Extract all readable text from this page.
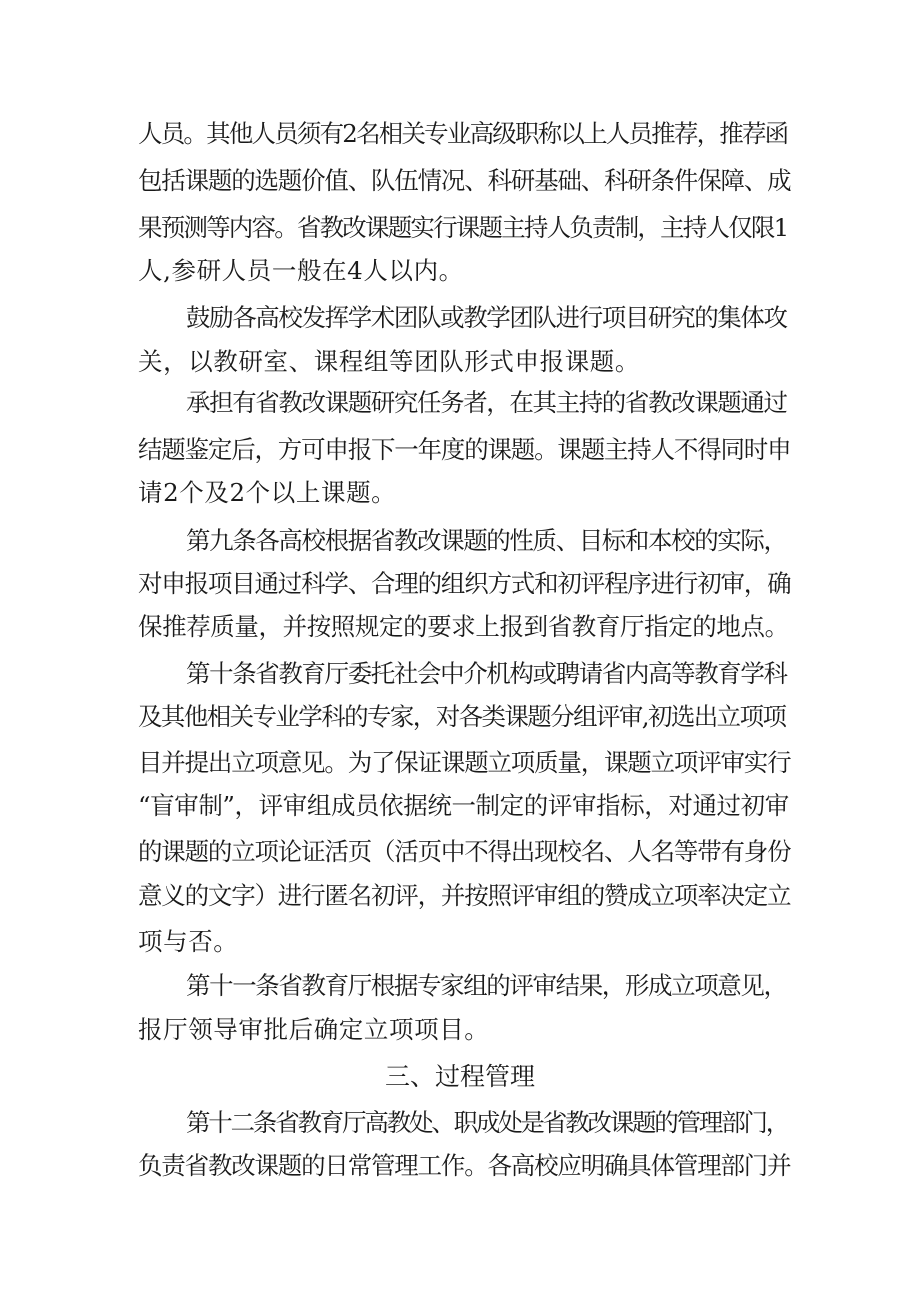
人员。其他人员须有2名相关专业高级职称以上人员推荐，推荐函
包括课题的选题价值、队伍情况、科研基础、科研条件保障、成
果预测等内容。省教改课题实行课题主持人负责制，主持人仅限1
人,参研人员一般在4人以内。
鼓励各高校发挥学术团队或教学团队进行项目研究的集体攻
关，以教研室、课程组等团队形式申报课题。
承担有省教改课题研究任务者，在其主持的省教改课题通过
结题鉴定后，方可申报下一年度的课题。课题主持人不得同时申
请2个及2个以上课题。
第九条各高校根据省教改课题的性质、目标和本校的实际，
对申报项目通过科学、合理的组织方式和初评程序进行初审，确
保推荐质量，并按照规定的要求上报到省教育厅指定的地点。
第十条省教育厅委托社会中介机构或聘请省内高等教育学科
及其他相关专业学科的专家，对各类课题分组评审,初选出立项项
目并提出立项意见。为了保证课题立项质量，课题立项评审实行
“盲审制”，评审组成员依据统一制定的评审指标，对通过初审
的课题的立项论证活页（活页中不得出现校名、人名等带有身份
意义的文字）进行匿名初评，并按照评审组的赞成立项率决定立
项与否。
第十一条省教育厅根据专家组的评审结果，形成立项意见，
报厅领导审批后确定立项项目。
三、过程管理
第十二条省教育厅高教处、职成处是省教改课题的管理部门，
负责省教改课题的日常管理工作。各高校应明确具体管理部门并
